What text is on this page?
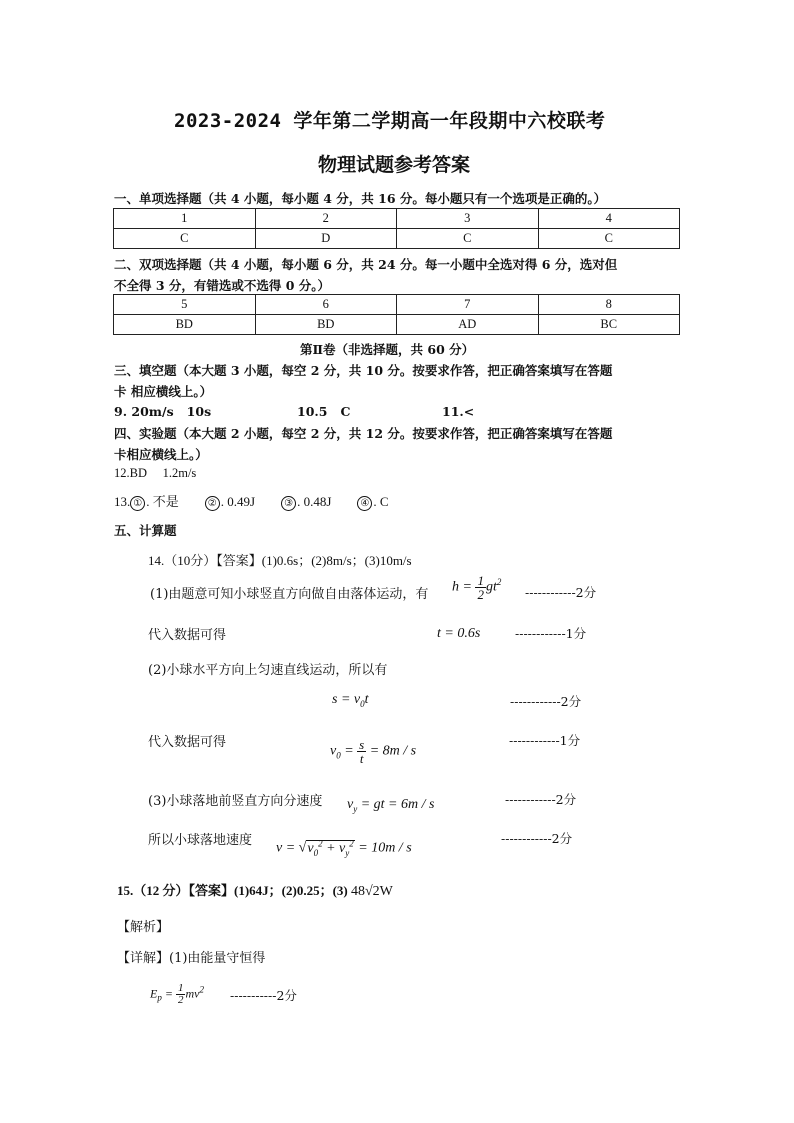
2023-2024 学年第二学期高一年段期中六校联考
物理试题参考答案
一、单项选择题（共 4 小题，每小题 4 分，共 16 分。每小题只有一个选项是正确的。）
1	2	3	4
C	D	C	C
二、双项选择题（共 4 小题，每小题 6 分，共 24 分。每一小题中全选对得 6 分，选对但
不全得 3 分，有错选或不选得 0 分。）
5	6	7	8
BD	BD	AD	BC
第Ⅱ卷（非选择题，共 60 分）
三、填空题（本大题 3 小题，每空 2 分，共 10 分。按要求作答，把正确答案填写在答题
卡 相应横线上。）
9. 20m/s   10s	10.5   C	11.<
四、实验题（本大题 2 小题，每空 2 分，共 12 分。按要求作答，把正确答案填写在答题
卡相应横线上。）
12.BD     1.2m/s
13. ① . 不是	② . 0.49J	③ . 0.48J	④ . C
五、计算题
14.（10分）【答案】(1)0.6s；(2)8m/s；(3)10m/s
(1)由题意可知小球竖直方向做自由落体运动，有 $h = \frac{1}{2} gt^2$
------------2分
代入数据可得	t = 0.6s	------------1分
(2)小球水平方向上匀速直线运动，所以有
$s = v_0t$	------------2分
代入数据可得
$v_0 = \frac{s}{t} = 8m / s$
------------1分
(3)小球落地前竖直方向分速度 $v_y$ = gt = 6m / s	------------2分
所以小球落地速度
$v = √v_0^2 + v_y^2 = 10m / s$
------------2分
15.（12 分）【答案】(1)64J；(2)0.25；(3) 48√2W
【解析】
【详解】(1)由能量守恒得
$E_p = \frac{1}{2} mv^2$ -----------2分
